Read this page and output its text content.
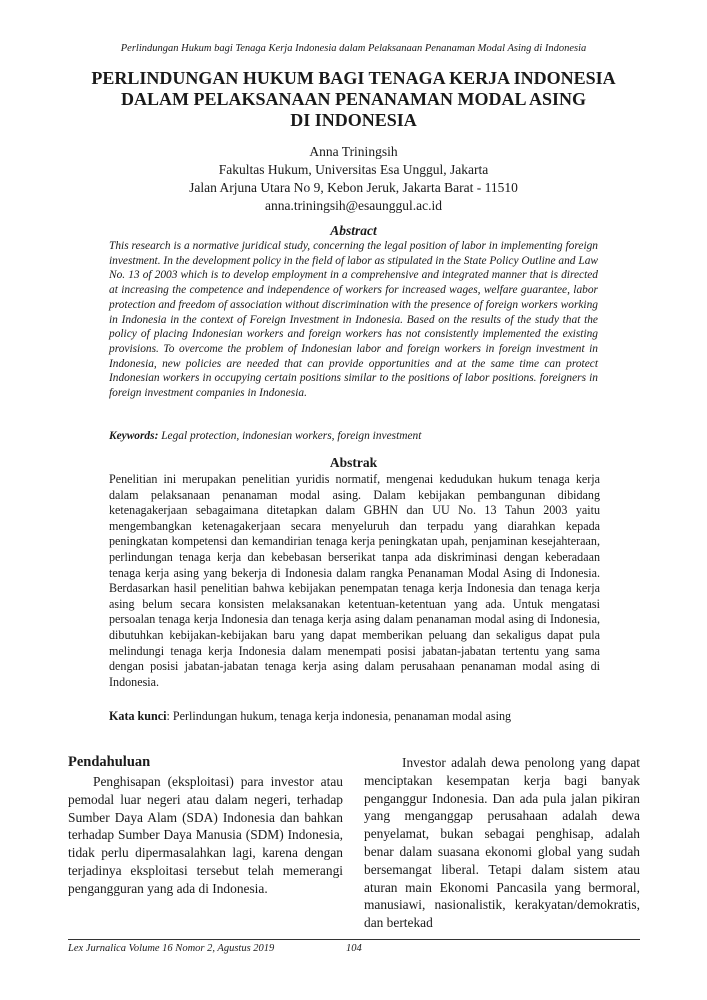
Perlindungan Hukum bagi Tenaga Kerja Indonesia dalam Pelaksanaan Penanaman Modal Asing di Indonesia
PERLINDUNGAN HUKUM BAGI TENAGA KERJA INDONESIA
DALAM PELAKSANAAN PENANAMAN MODAL ASING
DI INDONESIA
Anna Triningsih
Fakultas Hukum, Universitas Esa Unggul, Jakarta
Jalan Arjuna Utara No 9, Kebon Jeruk, Jakarta Barat - 11510
anna.triningsih@esaunggul.ac.id
Abstract

This research is a normative juridical study, concerning the legal position of labor in implementing foreign investment. In the development policy in the field of labor as stipulated in the State Policy Outline and Law No. 13 of 2003 which is to develop employment in a comprehensive and integrated manner that is directed at increasing the competence and independence of workers for increased wages, welfare guarantee, labor protection and freedom of association without discrimination with the presence of foreign workers working in Indonesia in the context of Foreign Investment in Indonesia. Based on the results of the study that the policy of placing Indonesian workers and foreign workers has not consistently implemented the existing provisions. To overcome the problem of Indonesian labor and foreign workers in foreign investment in Indonesia, new policies are needed that can provide opportunities and at the same time can protect Indonesian workers in occupying certain positions similar to the positions of labor positions. foreigners in foreign investment companies in Indonesia.

Keywords: Legal protection, indonesian workers, foreign investment
Abstrak

Penelitian ini merupakan penelitian yuridis normatif, mengenai kedudukan hukum tenaga kerja dalam pelaksanaan penanaman modal asing. Dalam kebijakan pembangunan dibidang ketenagakerjaan sebagaimana ditetapkan dalam GBHN dan UU No. 13 Tahun 2003 yaitu mengembangkan ketenagakerjaan secara menyeluruh dan terpadu yang diarahkan kepada peningkatan kompetensi dan kemandirian tenaga kerja peningkatan upah, penjaminan kesejahteraan, perlindungan tenaga kerja dan kebebasan berserikat tanpa ada diskriminasi dengan keberadaan tenaga kerja asing yang bekerja di Indonesia dalam rangka Penanaman Modal Asing di Indonesia. Berdasarkan hasil penelitian bahwa kebijakan penempatan tenaga kerja Indonesia dan tenaga kerja asing belum secara konsisten melaksanakan ketentuan-ketentuan yang ada. Untuk mengatasi persoalan tenaga kerja Indonesia dan tenaga kerja asing dalam penanaman modal asing di Indonesia, dibutuhkan kebijakan-kebijakan baru yang dapat memberikan peluang dan sekaligus dapat pula melindungi tenaga kerja Indonesia dalam menempati posisi jabatan-jabatan tertentu yang sama dengan posisi jabatan-jabatan tenaga kerja asing dalam perusahaan penanaman modal asing di Indonesia.

Kata kunci: Perlindungan hukum, tenaga kerja indonesia, penanaman modal asing
Pendahuluan

Penghisapan (eksploitasi) para investor atau pemodal luar negeri atau dalam negeri, terhadap Sumber Daya Alam (SDA) Indonesia dan bahkan terhadap Sumber Daya Manusia (SDM) Indonesia, tidak perlu dipermasalahkan lagi, karena dengan terjadinya eksploitasi tersebut telah memerangi pengangguran yang ada di Indonesia.

Investor adalah dewa penolong yang dapat menciptakan kesempatan kerja bagi banyak penganggur Indonesia. Dan ada pula jalan pikiran yang menganggap perusahaan adalah dewa penyelamat, bukan sebagai penghisap, adalah benar dalam suasana ekonomi global yang sudah bersemangat liberal. Tetapi dalam sistem atau aturan main Ekonomi Pancasila yang bermoral, manusiawi, nasionalistik, kerakyatan/demokratis, dan bertekad

Lex Jurnalica Volume 16 Nomor 2, Agustus 2019	104
